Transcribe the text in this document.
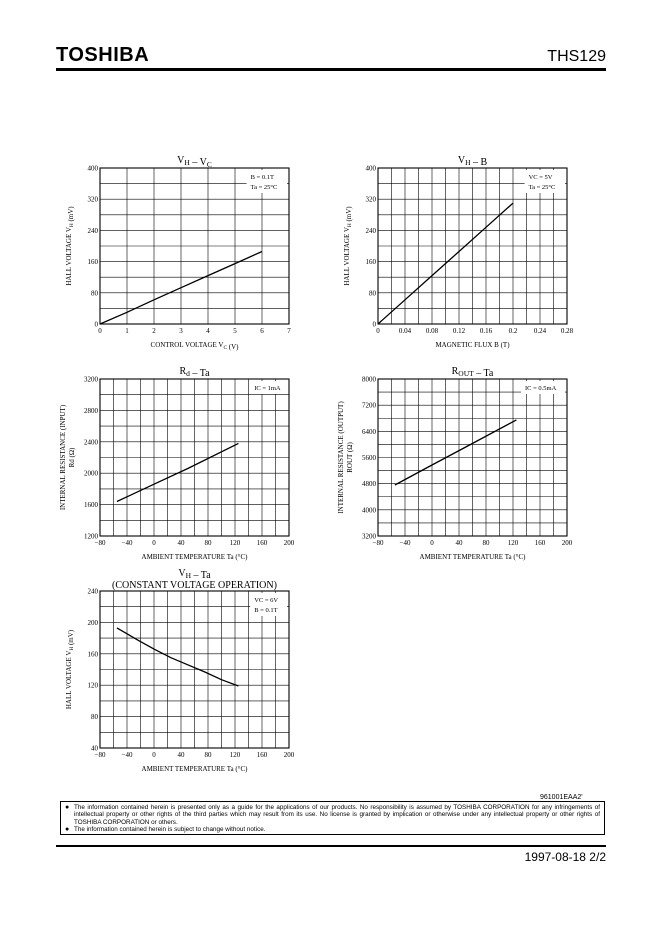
TOSHIBA	THS129
0	1	2	3	4	5	6	7
0
80
160
240
320
400
$V_H - V_C$
CONTROL VOLTAGE $V_C$ (V)
HALL VOLTAGE $V_H$ (mV)
B = 0.1T
Ta = 25°C
0	0.04 0.08 0.12 0.16 0.2 0.24 0.28
0
80
160
240
320
400
$V_H$ – B
MAGNETIC FLUX B (T)
HALL VOLTAGE $V_H$ (mV)
VC = 5V
Ta = 25°C
−80 −40	0	40	80	120 160 200
1200
1600
2000
2400
2800
3200
$R_d$ – Ta
AMBIENT TEMPERATURE Ta (°C)
INTERNAL RESISTANCE (INPUT) Rd (Ω)
IC = 1mA
−80 −40	0	40	80	120 160 200
3200
4000
4800
5600
6400
7200
8000
$R_{OUT}$ – Ta
AMBIENT TEMPERATURE Ta (°C)
INTERNAL RESISTANCE (OUTPUT) ROUT (Ω)
IC = 0.5mA
−80 −40	0	40	80	120 160 200
40
80
120
160
200
240
$V_H$ – Ta
(CONSTANT VOLTAGE OPERATION)
AMBIENT TEMPERATURE Ta (°C)
HALL VOLTAGE $V_H$ (mV)
VC = 6V
B = 0.1T
961001EAA2'

● The information contained herein is presented only as a guide for the applications of our products. No responsibility is assumed by TOSHIBA CORPORATION for any infringements of intellectual property or other rights of the third parties which may result from its use. No license is granted by implication or otherwise under any intellectual property or other rights of TOSHIBA CORPORATION or others.

● The information contained herein is subject to change without notice.

1997-08-18 2/2
